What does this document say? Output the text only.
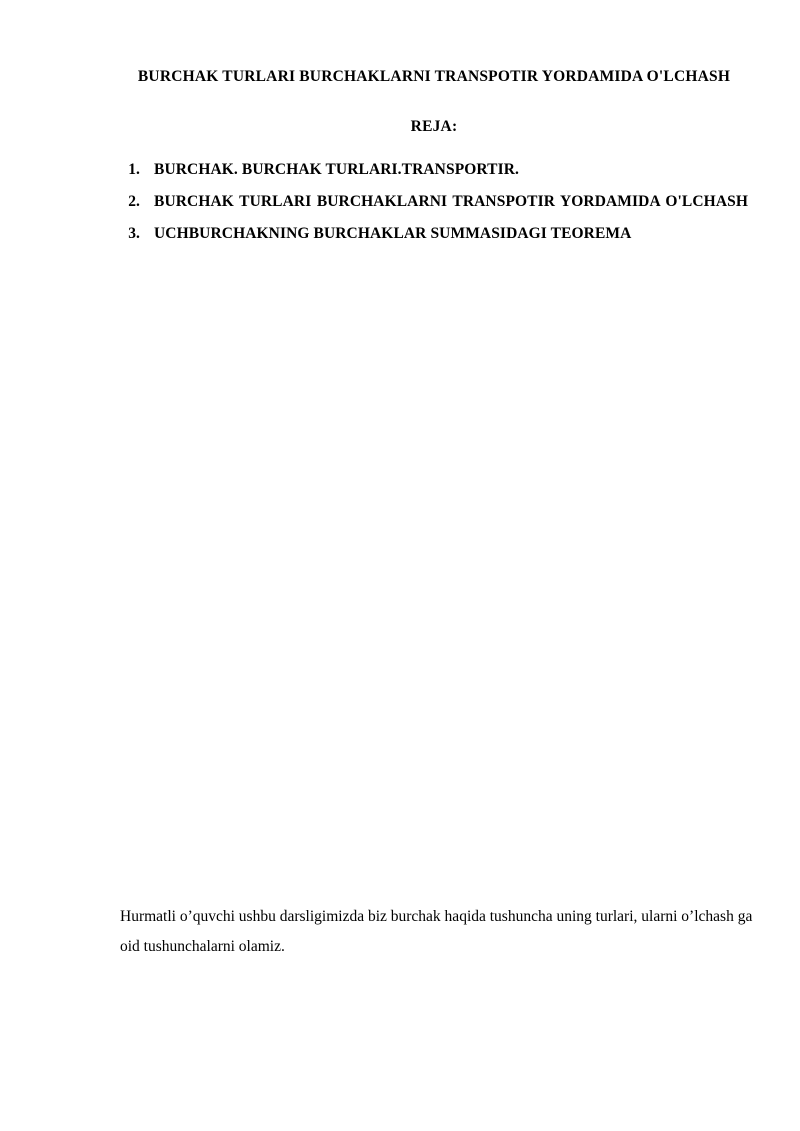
BURCHAK TURLARI BURCHAKLARNI TRANSPOTIR YORDAMIDA O'LCHASH
REJA:
1. BURCHAK. BURCHAK TURLARI.TRANSPORTIR.
2. BURCHAK TURLARI BURCHAKLARNI TRANSPOTIR YORDAMIDA O'LCHASH
3. UCHBURCHAKNING BURCHAKLAR SUMMASIDAGI TEOREMA

Hurmatli o’quvchi ushbu darsligimizda biz burchak haqida tushuncha uning turlari, ularni o’lchash ga oid tushunchalarni olamiz.
